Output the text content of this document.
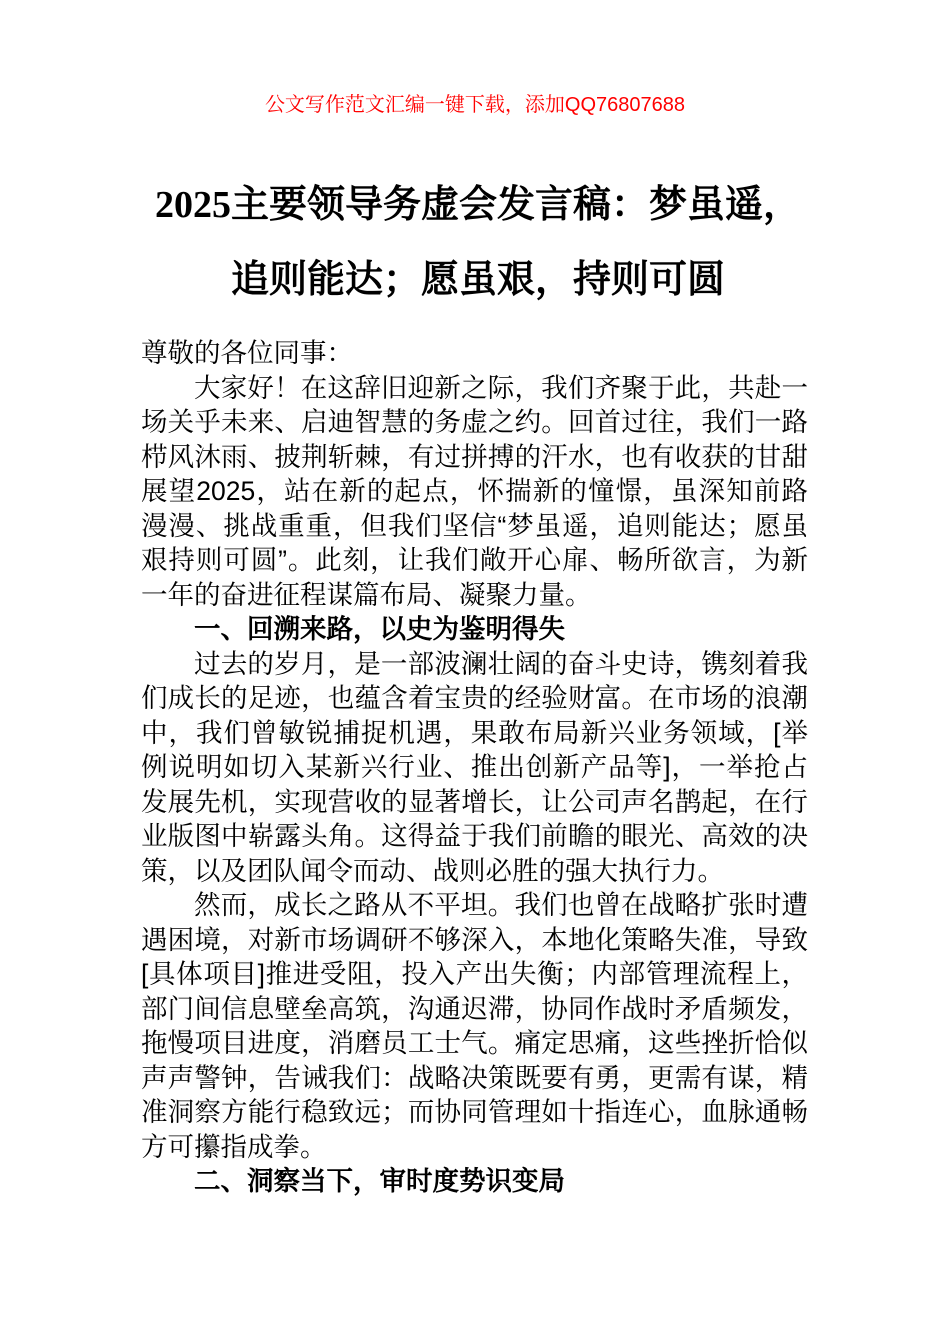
公文写作范文汇编一键下载，添加QQ76807688
2025主要领导务虚会发言稿：梦虽遥，追则能达；愿虽艰，持则可圆

尊敬的各位同事：

大家好！在这辞旧迎新之际，我们齐聚于此，共赴一场关乎未来、启迪智慧的务虚之约。回首过往，我们一路栉风沐雨、披荆斩棘，有过拼搏的汗水，也有收获的甘甜展望2025，站在新的起点，怀揣新的憧憬，虽深知前路漫漫、挑战重重，但我们坚信“梦虽遥，追则能达；愿虽艰持则可圆”。此刻，让我们敞开心扉、畅所欲言，为新一年的奋进征程谋篇布局、凝聚力量。

一、回溯来路，以史为鉴明得失

过去的岁月，是一部波澜壮阔的奋斗史诗，镌刻着我们成长的足迹，也蕴含着宝贵的经验财富。在市场的浪潮中，我们曾敏锐捕捉机遇，果敢布局新兴业务领域，[举例说明如切入某新兴行业、推出创新产品等]，一举抢占发展先机，实现营收的显著增长，让公司声名鹊起，在行业版图中崭露头角。这得益于我们前瞻的眼光、高效的决策，以及团队闻令而动、战则必胜的强大执行力。

然而，成长之路从不平坦。我们也曾在战略扩张时遭遇困境，对新市场调研不够深入，本地化策略失准，导致[具体项目]推进受阻，投入产出失衡；内部管理流程上，部门间信息壁垒高筑，沟通迟滞，协同作战时矛盾频发，拖慢项目进度，消磨员工士气。痛定思痛，这些挫折恰似声声警钟，告诫我们：战略决策既要有勇，更需有谋，精准洞察方能行稳致远；而协同管理如十指连心，血脉通畅方可攥指成拳。

二、洞察当下，审时度势识变局
